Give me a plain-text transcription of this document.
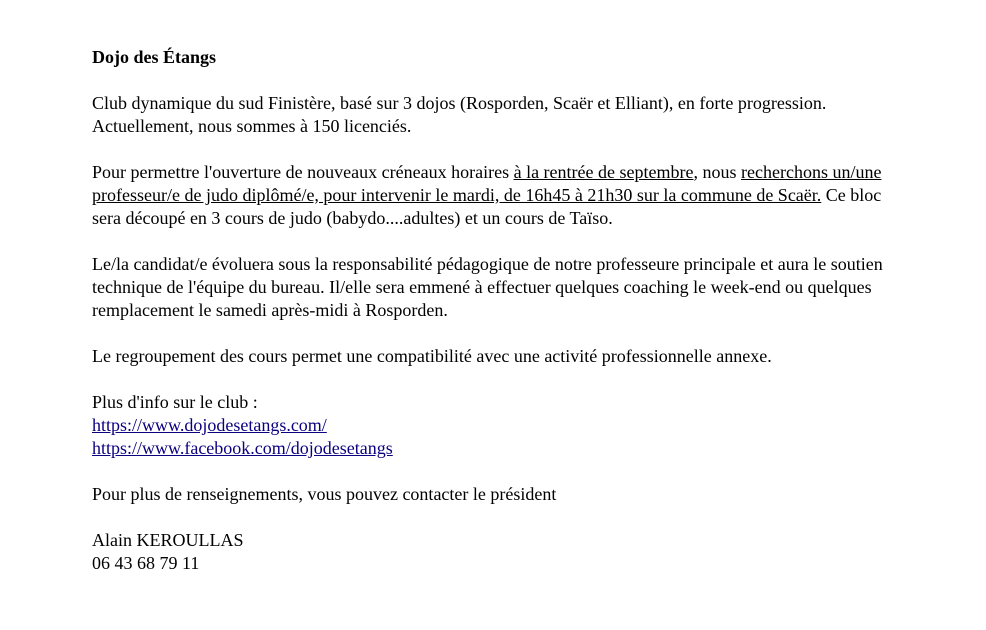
Dojo des Étangs

Club dynamique du sud Finistère, basé sur 3 dojos (Rosporden, Scaër et Elliant), en forte progression. Actuellement, nous sommes à 150 licenciés.

Pour permettre l'ouverture de nouveaux créneaux horaires à la rentrée de septembre, nous recherchons un/une professeur/e de judo diplômé/e, pour intervenir le mardi, de 16h45 à 21h30 sur la commune de Scaër. Ce bloc sera découpé en 3 cours de judo (babydo....adultes) et un cours de Taïso.

Le/la candidat/e évoluera sous la responsabilité pédagogique de notre professeure principale et aura le soutien technique de l'équipe du bureau. Il/elle sera emmené à effectuer quelques coaching le week-end ou quelques remplacement le samedi après-midi à Rosporden.

Le regroupement des cours permet une compatibilité avec une activité professionnelle annexe.

Plus d'info sur le club :
https://www.dojodesetangs.com/
https://www.facebook.com/dojodesetangs

Pour plus de renseignements, vous pouvez contacter le président

Alain KEROULLAS
06 43 68 79 11
